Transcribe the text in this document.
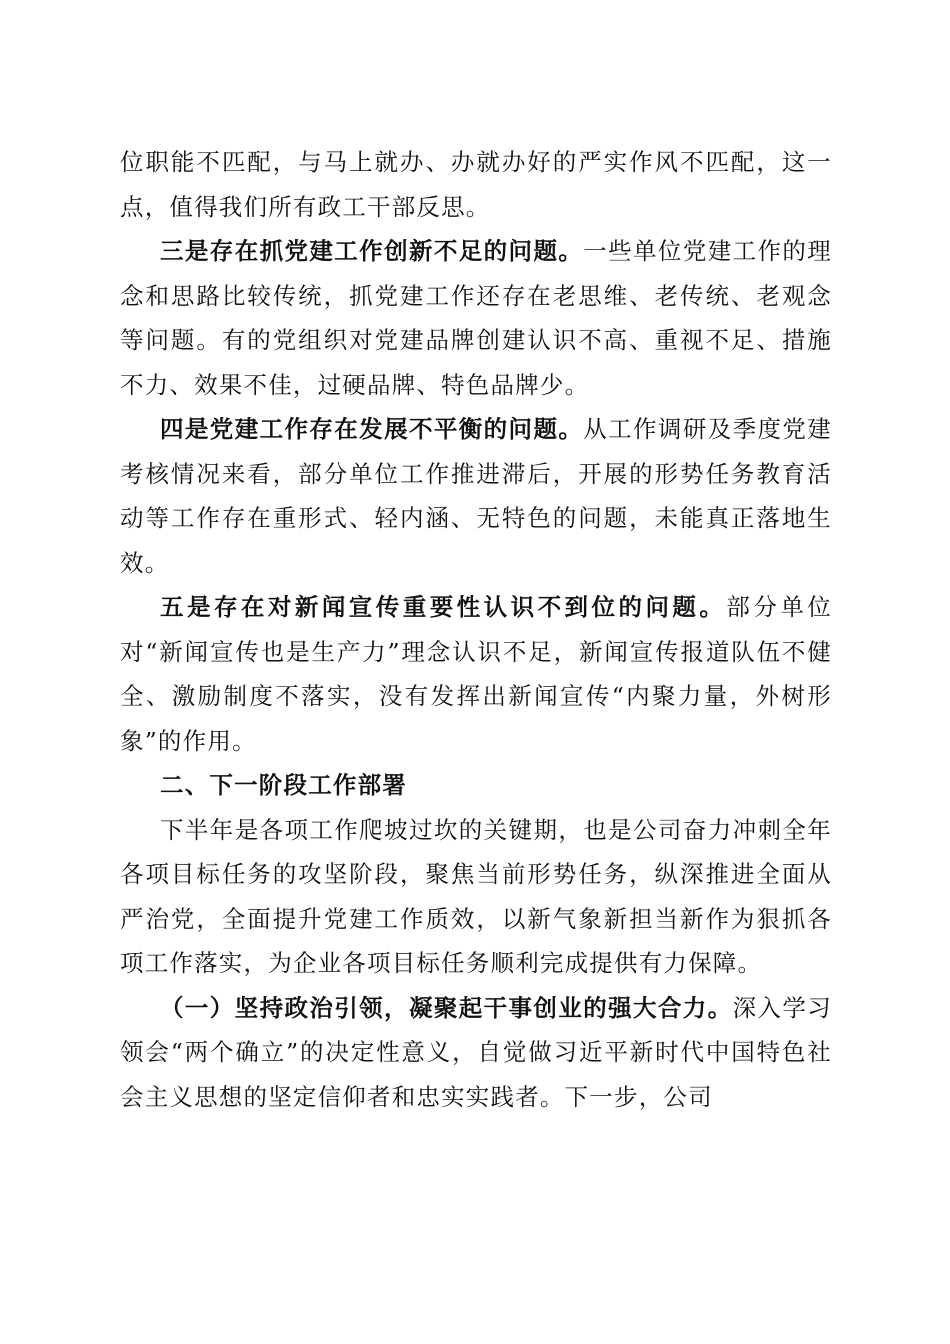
位职能不匹配，与马上就办、办就办好的严实作风不匹配，这一点，值得我们所有政工干部反思。

三是存在抓党建工作创新不足的问题。一些单位党建工作的理念和思路比较传统，抓党建工作还存在老思维、老传统、老观念等问题。有的党组织对党建品牌创建认识不高、重视不足、措施不力、效果不佳，过硬品牌、特色品牌少。

四是党建工作存在发展不平衡的问题。从工作调研及季度党建考核情况来看，部分单位工作推进滞后，开展的形势任务教育活动等工作存在重形式、轻内涵、无特色的问题，未能真正落地生效。

五是存在对新闻宣传重要性认识不到位的问题。部分单位对“新闻宣传也是生产力”理念认识不足，新闻宣传报道队伍不健全、激励制度不落实，没有发挥出新闻宣传“内聚力量，外树形象”的作用。

二、下一阶段工作部署

下半年是各项工作爬坡过坎的关键期，也是公司奋力冲刺全年各项目标任务的攻坚阶段，聚焦当前形势任务，纵深推进全面从严治党，全面提升党建工作质效，以新气象新担当新作为狠抓各项工作落实，为企业各项目标任务顺利完成提供有力保障。

（一）坚持政治引领，凝聚起干事创业的强大合力。深入学习领会“两个确立”的决定性意义，自觉做习近平新时代中国特色社会主义思想的坚定信仰者和忠实实践者。下一步，公司
